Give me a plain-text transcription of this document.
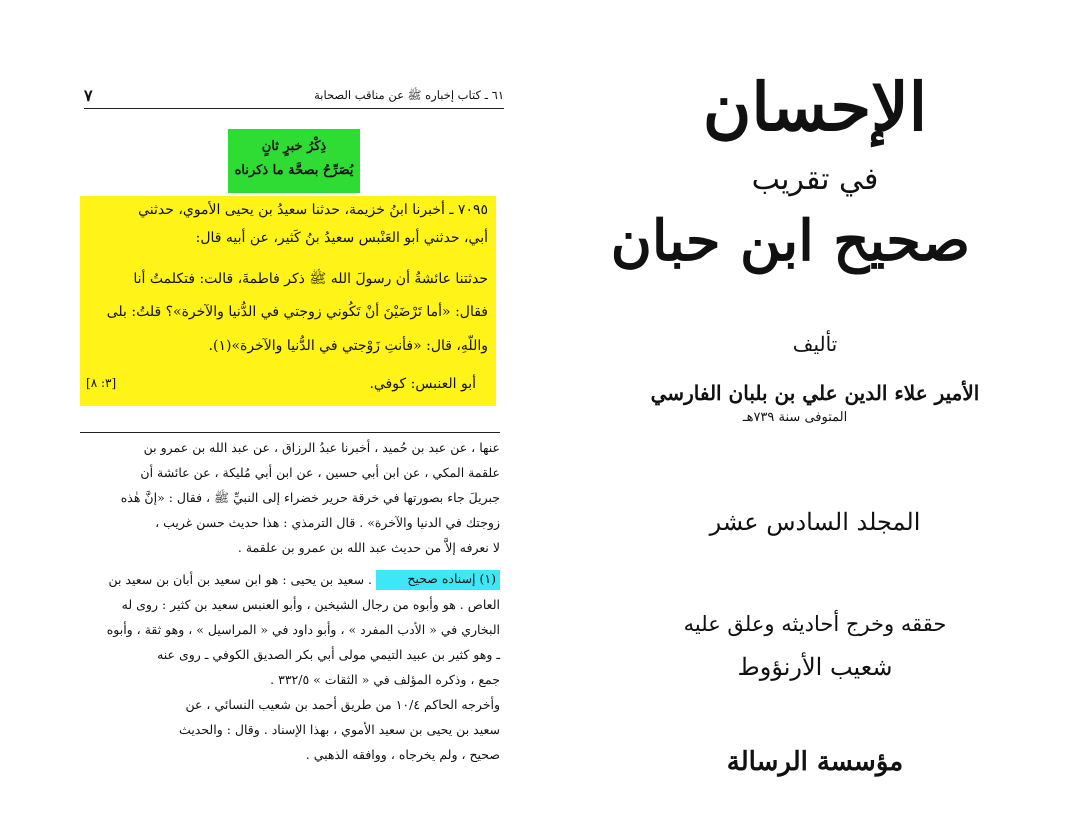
٧	٦١ ـ كتاب إخباره ﷺ عن مناقب الصحابة
ذِكْرُ خبرٍ ثانٍ
يُصَرِّحُ بصحَّة ما ذكرناه
٧٠٩٥ ـ أخبرنا ابنُ خزيمة، حدثنا سعيدُ بن يحيى الأموي، حدثني
أبي، حدثني أبو العَنْبس سعيدُ بنُ كَثير، عن أبيه قال:
حدثتنا عائشةُ أن رسولَ الله ﷺ ذكر فاطمةَ، قالت: فتكلمتُ أنا
فقال: «أما تَرْضَيْنَ أنْ تَكُوني زوجتي في الدُّنيا والآخرة»؟ قلتُ: بلى
واللّهِ، قال: «فأنتِ زَوْجتي في الدُّنيا والآخرة»(١).
أبو العنبس: كوفي.
[٣: ٨]
عنها ، عن عبد بن حُميد ، أخبرنا عبدُ الرزاق ، عن عبد الله بن عمرو بن
علقمة المكي ، عن ابن أبي حسين ، عن ابن أبي مُليكة ، عن عائشة أن
جبريلَ جاء بصورتها في خرقة حرير خضراء إلى النبيِّ ﷺ ، فقال : «إنَّ هٰذه
زوجتك في الدنيا والآخرة» . قال الترمذي : هذا حديث حسن غريب ،
لا نعرفه إلاَّ من حديث عبد الله بن عمرو بن علقمة .
(١) إسناده صحيح
. سعيد بن يحيى : هو ابن سعيد بن أبان بن سعيد بن
العاص . هو وأبوه من رجال الشيخين ، وأبو العنبس سعيد بن كثير : روى له
البخاري في « الأدب المفرد » ، وأبو داود في « المراسيل » ، وهو ثقة ، وأبوه
ـ وهو كثير بن عبيد التيمي مولى أبي بكر الصديق الكوفي ـ روى عنه
جمع ، وذكره المؤلف في « الثقات » ٣٣٢/٥ .
وأخرجه الحاكم ١٠/٤ من طريق أحمد بن شعيب النسائي ، عن
سعيد بن يحيى بن سعيد الأموي ، بهذا الإسناد . وقال : والحديث
صحيح ، ولم يخرجاه ، ووافقه الذهبي .
الإحسان
في تقريب
صحيح ابن حبان
تأليف
الأمير علاء الدين علي بن بلبان الفارسي
المتوفى سنة ٧٣٩هـ
المجلد السادس عشر
حققه وخرج أحاديثه وعلق عليه
شعيب الأرنؤوط
مؤسسة الرسالة
